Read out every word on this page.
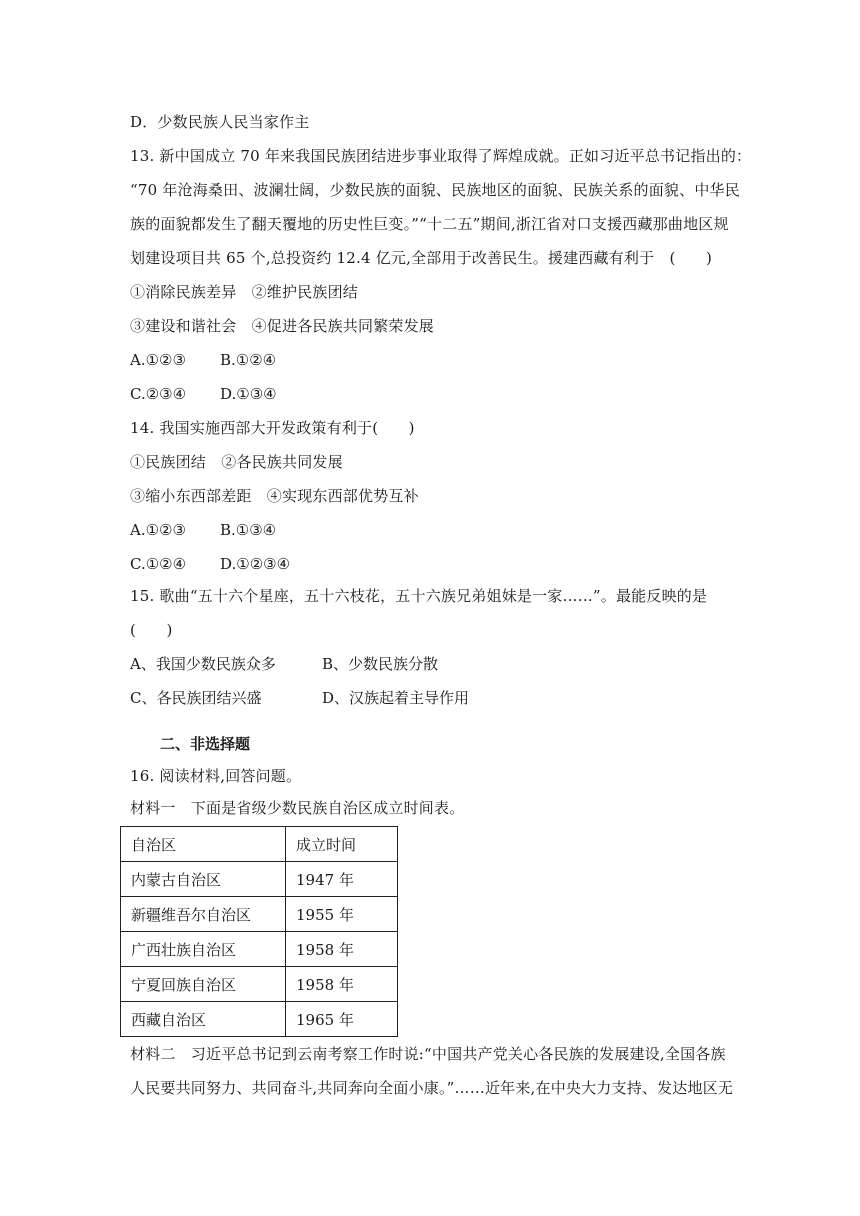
D．少数民族人民当家作主
13. 新中国成立 70 年来我国民族团结进步事业取得了辉煌成就。正如习近平总书记指出的：
“70 年沧海桑田、波澜壮阔，少数民族的面貌、民族地区的面貌、民族关系的面貌、中华民
族的面貌都发生了翻天覆地的历史性巨变。”“十二五”期间,浙江省对口支援西藏那曲地区规
划建设项目共 65 个,总投资约 12.4 亿元,全部用于改善民生。援建西藏有利于　(　　)
①消除民族差异　②维护民族团结
③建设和谐社会　④促进各民族共同繁荣发展
A.①②③ B.①②④
C.②③④ D.①③④
14. 我国实施西部大开发政策有利于(　　)
①民族团结　②各民族共同发展
③缩小东西部差距　④实现东西部优势互补
A.①②③ B.①③④
C.①②④ D.①②③④
15. 歌曲“五十六个星座，五十六枝花，五十六族兄弟姐妹是一家……”。最能反映的是
(　　)
A、我国少数民族众多	B、少数民族分散
C、各民族团结兴盛	D、汉族起着主导作用
二、非选择题
16. 阅读材料,回答问题。
材料一　下面是省级少数民族自治区成立时间表。
自治区	成立时间
内蒙古自治区	1947 年
新疆维吾尔自治区	1955 年
广西壮族自治区	1958 年
宁夏回族自治区	1958 年
西藏自治区	1965 年
材料二　习近平总书记到云南考察工作时说:“中国共产党关心各民族的发展建设,全国各族
人民要共同努力、共同奋斗,共同奔向全面小康。”……近年来,在中央大力支持、发达地区无
